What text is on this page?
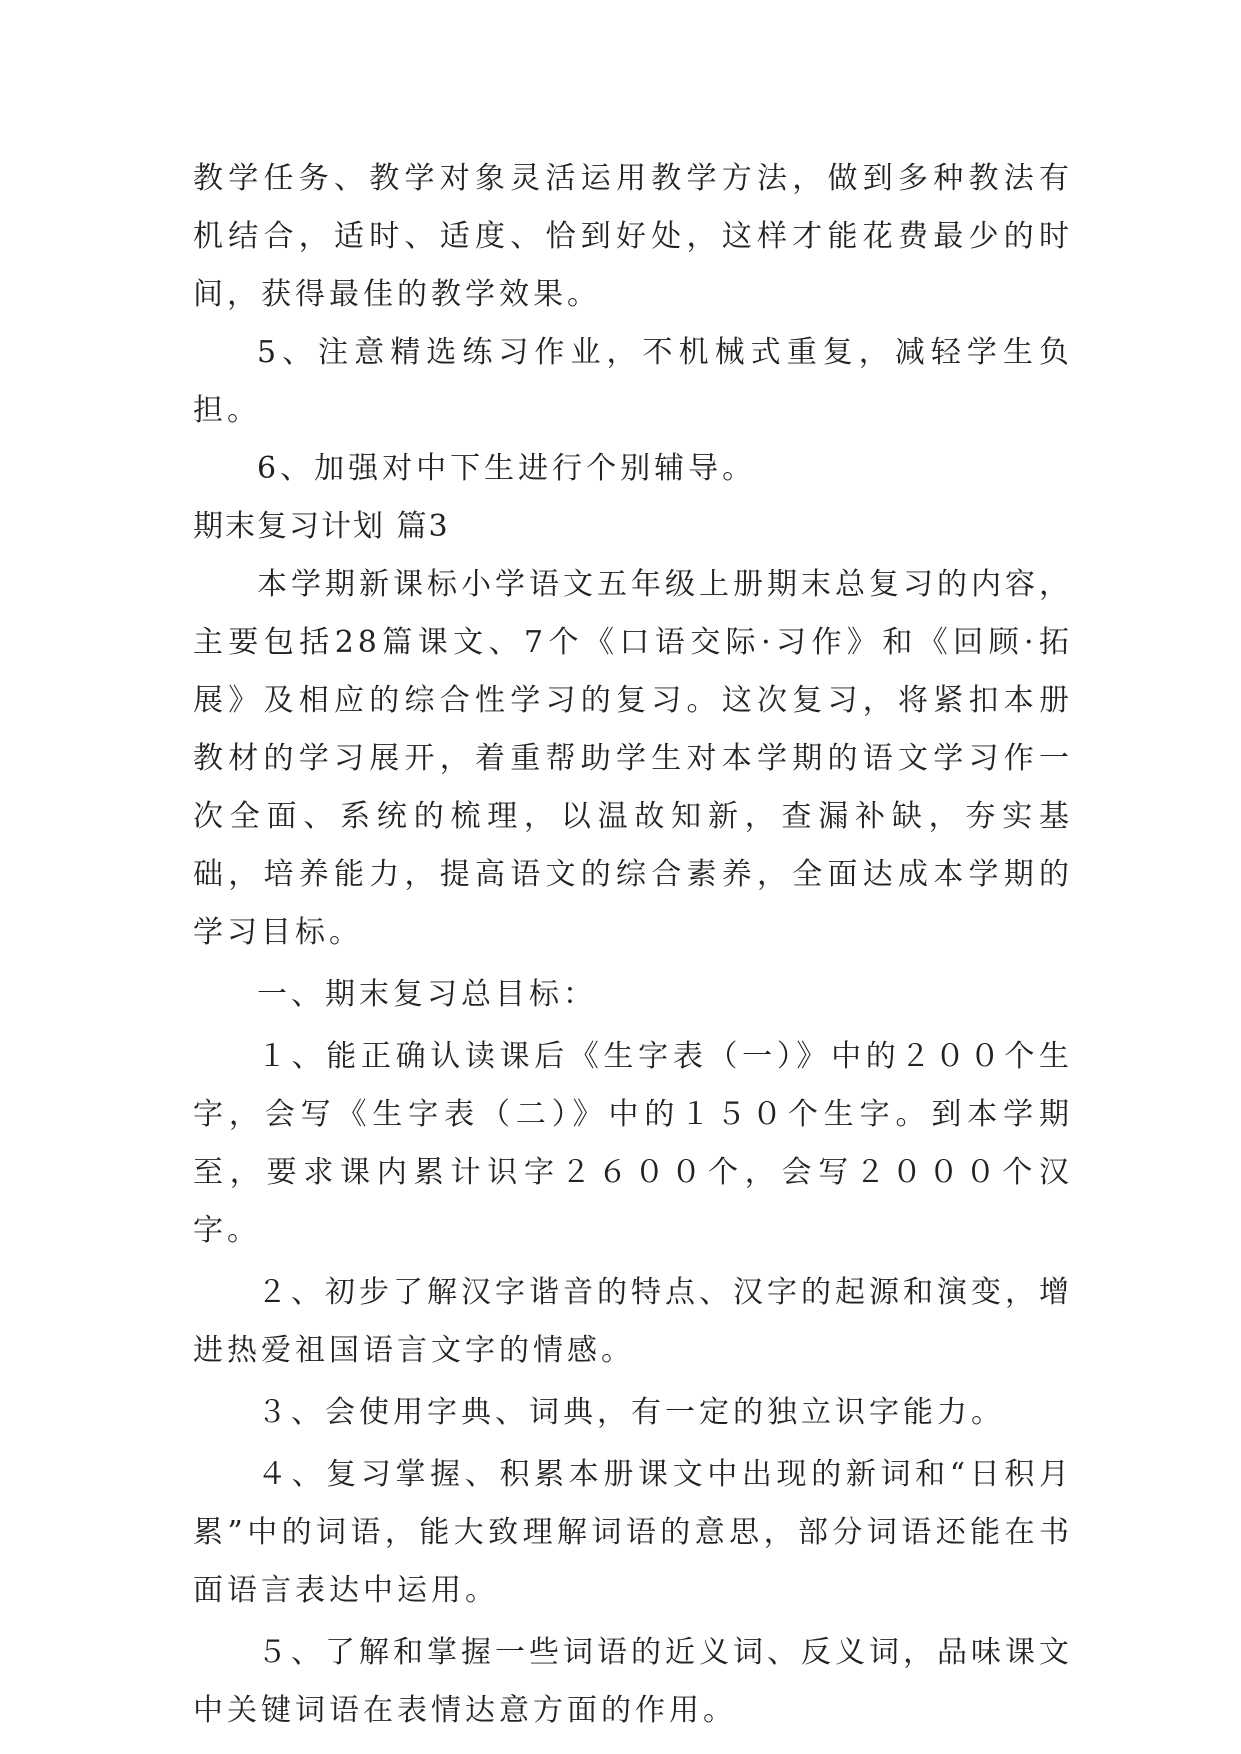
教学任务、教学对象灵活运用教学方法，做到多种教法有机结合，适时、适度、恰到好处，这样才能花费最少的时间，获得最佳的教学效果。

5、注意精选练习作业，不机械式重复，减轻学生负担。

6、加强对中下生进行个别辅导。

期末复习计划 篇3

本学期新课标小学语文五年级上册期末总复习的内容，主要包括28篇课文、7个《口语交际·习作》和《回顾·拓展》及相应的综合性学习的复习。这次复习，将紧扣本册教材的学习展开，着重帮助学生对本学期的语文学习作一次全面、系统的梳理，以温故知新，查漏补缺，夯实基础，培养能力，提高语文的综合素养，全面达成本学期的学习目标。

一、期末复习总目标：

１、能正确认读课后《生字表（一）》中的２００个生字，会写《生字表（二）》中的１５０个生字。到本学期至，要求课内累计识字２６００个，会写２０００个汉字。

２、初步了解汉字谐音的特点、汉字的起源和演变，增进热爱祖国语言文字的情感。

３、会使用字典、词典，有一定的独立识字能力。

４、复习掌握、积累本册课文中出现的新词和“日积月累”中的词语，能大致理解词语的意思，部分词语还能在书面语言表达中运用。

５、了解和掌握一些词语的近义词、反义词，品味课文中关键词语在表情达意方面的作用。
